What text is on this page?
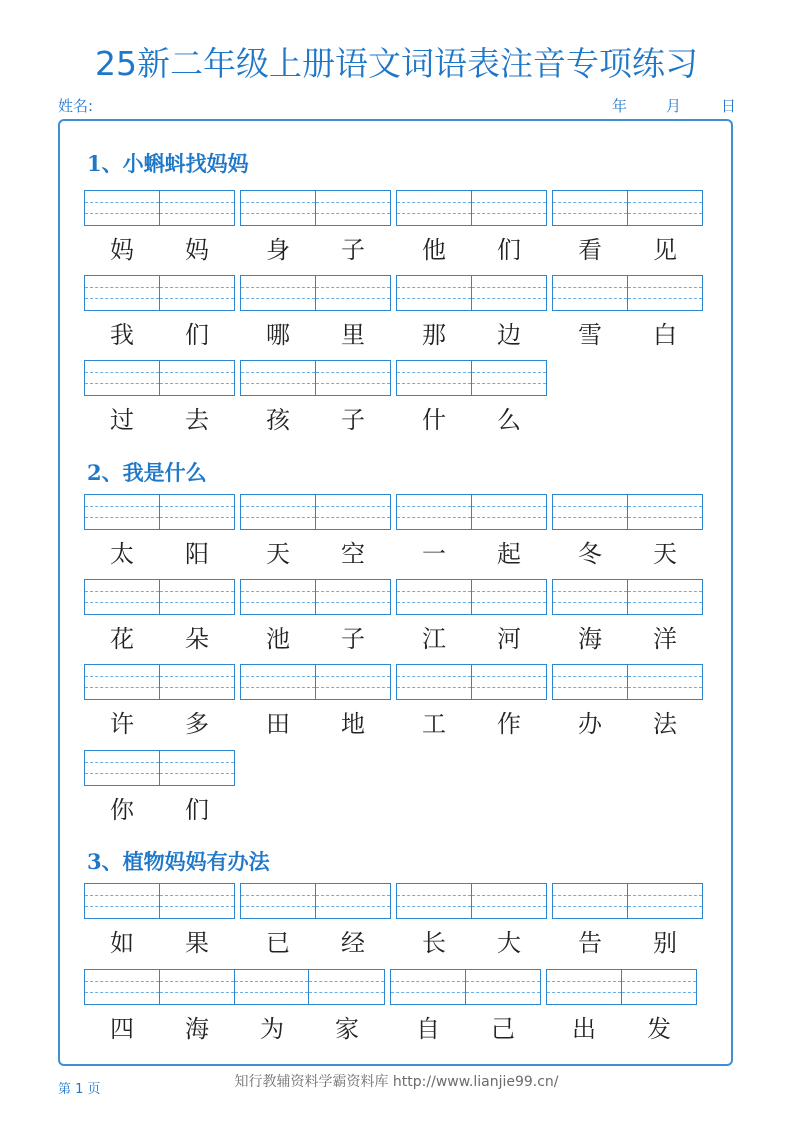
25新二年级上册语文词语表注音专项练习
姓名:	年	月	日
1、小蝌蚪找妈妈
妈	妈	身	子	他	们	看	见
我	们	哪	里	那	边	雪	白
过	去	孩	子	什	么
2、我是什么
太	阳	天	空	一	起	冬	天
花	朵	池	子	江	河	海	洋
许	多	田	地	工	作	办	法
你	们
3、植物妈妈有办法
如	果	已	经	长	大	告	别
四	海	为	家	自	己	出	发
第 1 页	知行教辅资料学霸资料库 http://www.lianjie99.cn/
